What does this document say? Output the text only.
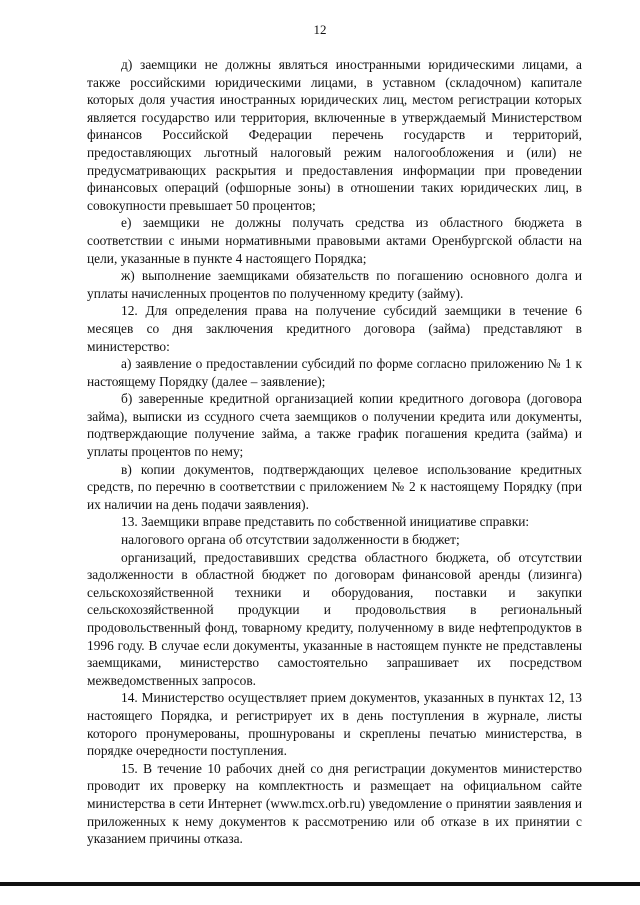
12

д) заемщики не должны являться иностранными юридическими лицами, а также российскими юридическими лицами, в уставном (складочном) капитале которых доля участия иностранных юридических лиц, местом регистрации которых является государство или территория, включенные в утверждаемый Министерством финансов Российской Федерации перечень государств и территорий, предоставляющих льготный налоговый режим налогообложения и (или) не предусматривающих раскрытия и предоставления информации при проведении финансовых операций (офшорные зоны) в отношении таких юридических лиц, в совокупности превышает 50 процентов;

е) заемщики не должны получать средства из областного бюджета в соответствии с иными нормативными правовыми актами Оренбургской области на цели, указанные в пункте 4 настоящего Порядка;

ж) выполнение заемщиками обязательств по погашению основного долга и уплаты начисленных процентов по полученному кредиту (займу).

12. Для определения права на получение субсидий заемщики в течение 6 месяцев со дня заключения кредитного договора (займа) представляют в министерство:

а) заявление о предоставлении субсидий по форме согласно приложению № 1 к настоящему Порядку (далее – заявление);

б) заверенные кредитной организацией копии кредитного договора (договора займа), выписки из ссудного счета заемщиков о получении кредита или документы, подтверждающие получение займа, а также график погашения кредита (займа) и уплаты процентов по нему;

в) копии документов, подтверждающих целевое использование кредитных средств, по перечню в соответствии с приложением № 2 к настоящему Порядку (при их наличии на день подачи заявления).

13. Заемщики вправе представить по собственной инициативе справки:

налогового органа об отсутствии задолженности в бюджет;

организаций, предоставивших средства областного бюджета, об отсутствии задолженности в областной бюджет по договорам финансовой аренды (лизинга) сельскохозяйственной техники и оборудования, поставки и закупки сельскохозяйственной продукции и продовольствия в региональный продовольственный фонд, товарному кредиту, полученному в виде нефтепродуктов в 1996 году. В случае если документы, указанные в настоящем пункте не представлены заемщиками, министерство самостоятельно запрашивает их посредством межведомственных запросов.

14. Министерство осуществляет прием документов, указанных в пунктах 12, 13 настоящего Порядка, и регистрирует их в день поступления в журнале, листы которого пронумерованы, прошнурованы и скреплены печатью министерства, в порядке очередности поступления.

15. В течение 10 рабочих дней со дня регистрации документов министерство проводит их проверку на комплектность и размещает на официальном сайте министерства в сети Интернет (www.mcx.orb.ru) уведомление о принятии заявления и приложенных к нему документов к рассмотрению или об отказе в их принятии с указанием причины отказа.
